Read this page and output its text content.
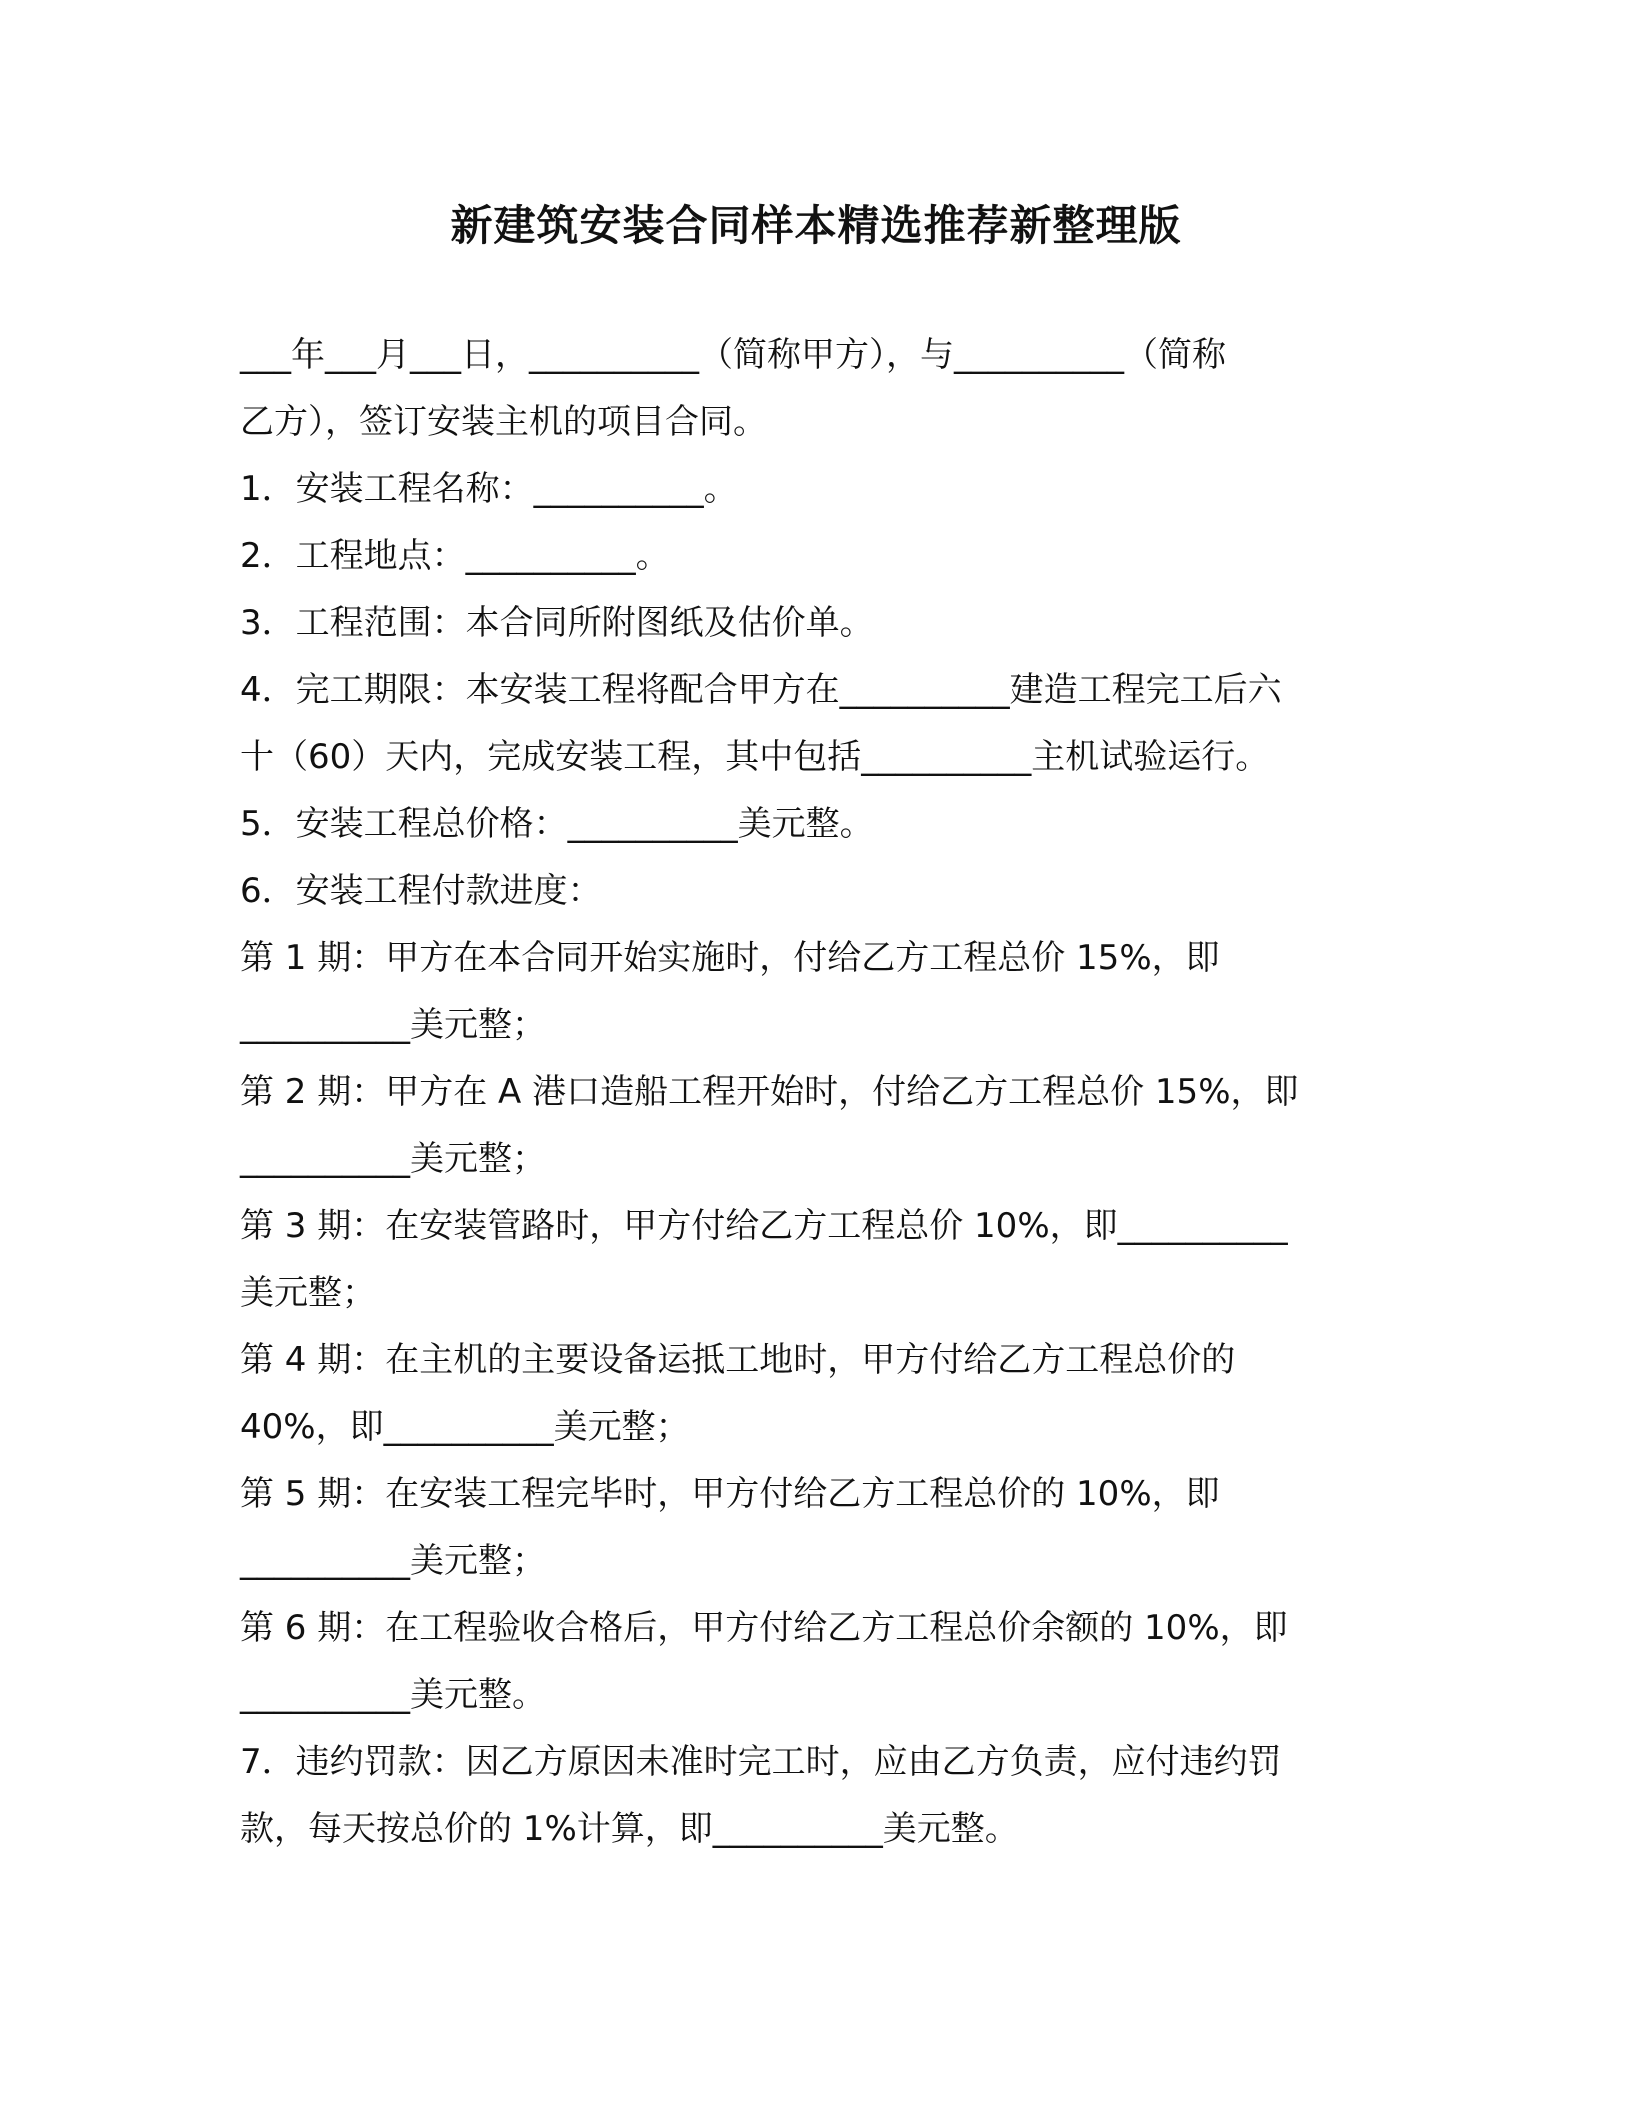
新建筑安装合同样本精选推荐新整理版
___年___月___日，__________（简称甲方），与__________（简称
乙方），签订安装主机的项目合同。
1．安装工程名称：__________。
2．工程地点：__________。
3．工程范围：本合同所附图纸及估价单。
4．完工期限：本安装工程将配合甲方在__________建造工程完工后六
十（60）天内，完成安装工程，其中包括__________主机试验运行。
5．安装工程总价格：__________美元整。
6．安装工程付款进度：
第 1 期：甲方在本合同开始实施时，付给乙方工程总价 15%，即
__________美元整；
第 2 期：甲方在 A 港口造船工程开始时，付给乙方工程总价 15%，即
__________美元整；
第 3 期：在安装管路时，甲方付给乙方工程总价 10%，即__________
美元整；
第 4 期：在主机的主要设备运抵工地时，甲方付给乙方工程总价的
40%，即__________美元整；
第 5 期：在安装工程完毕时，甲方付给乙方工程总价的 10%，即
__________美元整；
第 6 期：在工程验收合格后，甲方付给乙方工程总价余额的 10%，即
__________美元整。
7．违约罚款：因乙方原因未准时完工时，应由乙方负责，应付违约罚
款，每天按总价的 1%计算，即__________美元整。
